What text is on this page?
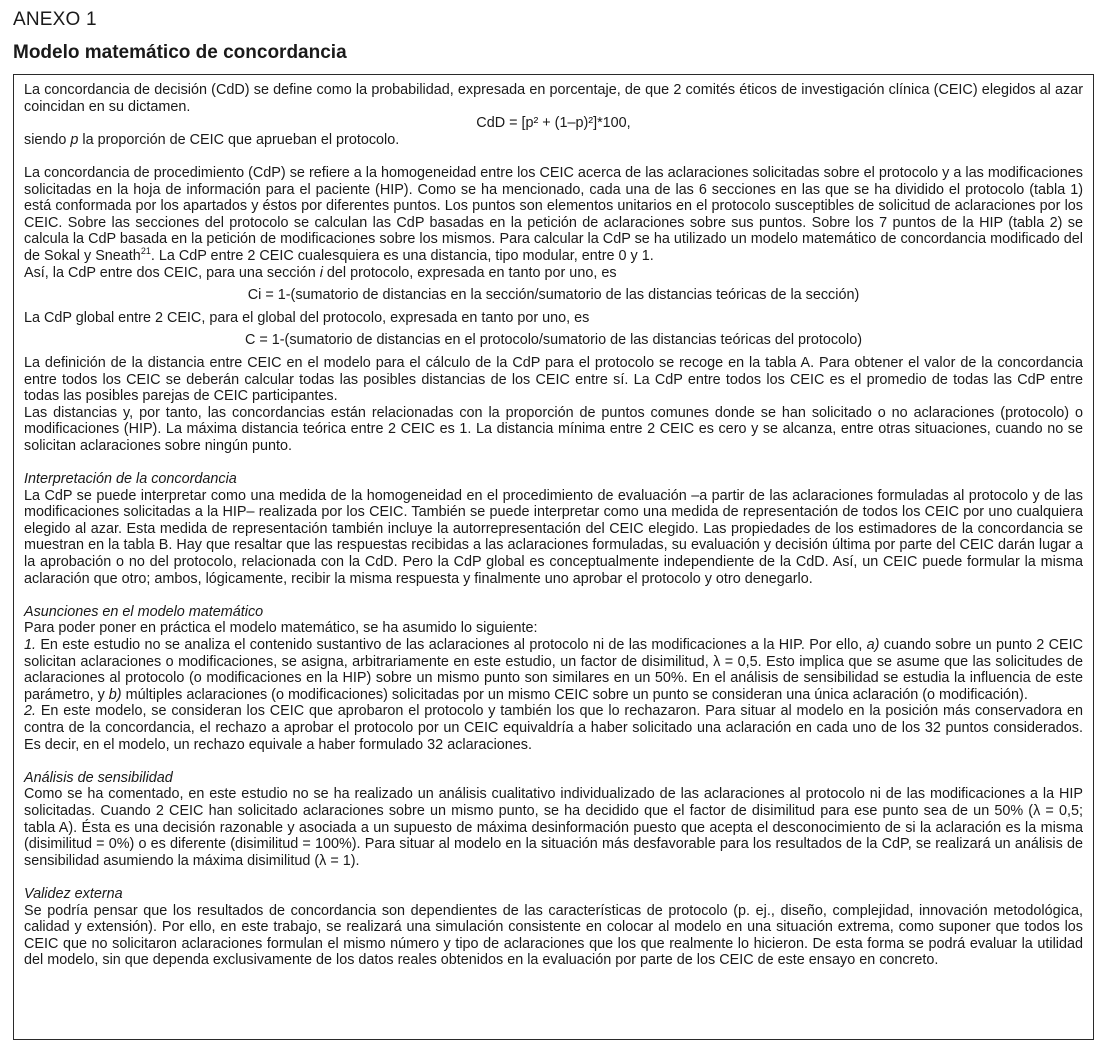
ANEXO 1
Modelo matemático de concordancia

La concordancia de decisión (CdD) se define como la probabilidad, expresada en porcentaje, de que 2 comités éticos de investigación clínica (CEIC) elegidos al azar coincidan en su dictamen.

CdD = [p² + (1–p)²]*100,

siendo p la proporción de CEIC que aprueban el protocolo.

La concordancia de procedimiento (CdP) se refiere a la homogeneidad entre los CEIC acerca de las aclaraciones solicitadas sobre el protocolo y a las modificaciones solicitadas en la hoja de información para el paciente (HIP). Como se ha mencionado, cada una de las 6 secciones en las que se ha dividido el protocolo (tabla 1) está conformada por los apartados y éstos por diferentes puntos. Los puntos son elementos unitarios en el protocolo susceptibles de solicitud de aclaraciones por los CEIC. Sobre las secciones del protocolo se calculan las CdP basadas en la petición de aclaraciones sobre sus puntos. Sobre los 7 puntos de la HIP (tabla 2) se calcula la CdP basada en la petición de modificaciones sobre los mismos. Para calcular la CdP se ha utilizado un modelo matemático de concordancia modificado del de Sokal y Sneath$^{21}$. La CdP entre 2 CEIC cualesquiera es una distancia, tipo modular, entre 0 y 1.

Así, la CdP entre dos CEIC, para una sección i del protocolo, expresada en tanto por uno, es

Ci = 1-(sumatorio de distancias en la sección/sumatorio de las distancias teóricas de la sección)

La CdP global entre 2 CEIC, para el global del protocolo, expresada en tanto por uno, es

C = 1-(sumatorio de distancias en el protocolo/sumatorio de las distancias teóricas del protocolo)

La definición de la distancia entre CEIC en el modelo para el cálculo de la CdP para el protocolo se recoge en la tabla A. Para obtener el valor de la concordancia entre todos los CEIC se deberán calcular todas las posibles distancias de los CEIC entre sí. La CdP entre todos los CEIC es el promedio de todas las CdP entre todas las posibles parejas de CEIC participantes.

Las distancias y, por tanto, las concordancias están relacionadas con la proporción de puntos comunes donde se han solicitado o no aclaraciones (protocolo) o modificaciones (HIP). La máxima distancia teórica entre 2 CEIC es 1. La distancia mínima entre 2 CEIC es cero y se alcanza, entre otras situaciones, cuando no se solicitan aclaraciones sobre ningún punto.

Interpretación de la concordancia

La CdP se puede interpretar como una medida de la homogeneidad en el procedimiento de evaluación –a partir de las aclaraciones formuladas al protocolo y de las modificaciones solicitadas a la HIP– realizada por los CEIC. También se puede interpretar como una medida de representación de todos los CEIC por uno cualquiera elegido al azar. Esta medida de representación también incluye la autorrepresentación del CEIC elegido. Las propiedades de los estimadores de la concordancia se muestran en la tabla B. Hay que resaltar que las respuestas recibidas a las aclaraciones formuladas, su evaluación y decisión última por parte del CEIC darán lugar a la aprobación o no del protocolo, relacionada con la CdD. Pero la CdP global es conceptualmente independiente de la CdD. Así, un CEIC puede formular la misma aclaración que otro; ambos, lógicamente, recibir la misma respuesta y finalmente uno aprobar el protocolo y otro denegarlo.

Asunciones en el modelo matemático

Para poder poner en práctica el modelo matemático, se ha asumido lo siguiente:

1. En este estudio no se analiza el contenido sustantivo de las aclaraciones al protocolo ni de las modificaciones a la HIP. Por ello, a) cuando sobre un punto 2 CEIC solicitan aclaraciones o modificaciones, se asigna, arbitrariamente en este estudio, un factor de disimilitud, λ = 0,5. Esto implica que se asume que las solicitudes de aclaraciones al protocolo (o modificaciones en la HIP) sobre un mismo punto son similares en un 50%. En el análisis de sensibilidad se estudia la influencia de este parámetro, y b) múltiples aclaraciones (o modificaciones) solicitadas por un mismo CEIC sobre un punto se consideran una única aclaración (o modificación).

2. En este modelo, se consideran los CEIC que aprobaron el protocolo y también los que lo rechazaron. Para situar al modelo en la posición más conservadora en contra de la concordancia, el rechazo a aprobar el protocolo por un CEIC equivaldría a haber solicitado una aclaración en cada uno de los 32 puntos considerados. Es decir, en el modelo, un rechazo equivale a haber formulado 32 aclaraciones.

Análisis de sensibilidad

Como se ha comentado, en este estudio no se ha realizado un análisis cualitativo individualizado de las aclaraciones al protocolo ni de las modificaciones a la HIP solicitadas. Cuando 2 CEIC han solicitado aclaraciones sobre un mismo punto, se ha decidido que el factor de disimilitud para ese punto sea de un 50% (λ = 0,5; tabla A). Ésta es una decisión razonable y asociada a un supuesto de máxima desinformación puesto que acepta el desconocimiento de si la aclaración es la misma (disimilitud = 0%) o es diferente (disimilitud = 100%). Para situar al modelo en la situación más desfavorable para los resultados de la CdP, se realizará un análisis de sensibilidad asumiendo la máxima disimilitud (λ = 1).

Validez externa

Se podría pensar que los resultados de concordancia son dependientes de las características de protocolo (p. ej., diseño, complejidad, innovación metodológica, calidad y extensión). Por ello, en este trabajo, se realizará una simulación consistente en colocar al modelo en una situación extrema, como suponer que todos los CEIC que no solicitaron aclaraciones formulan el mismo número y tipo de aclaraciones que los que realmente lo hicieron. De esta forma se podrá evaluar la utilidad del modelo, sin que dependa exclusivamente de los datos reales obtenidos en la evaluación por parte de los CEIC de este ensayo en concreto.
